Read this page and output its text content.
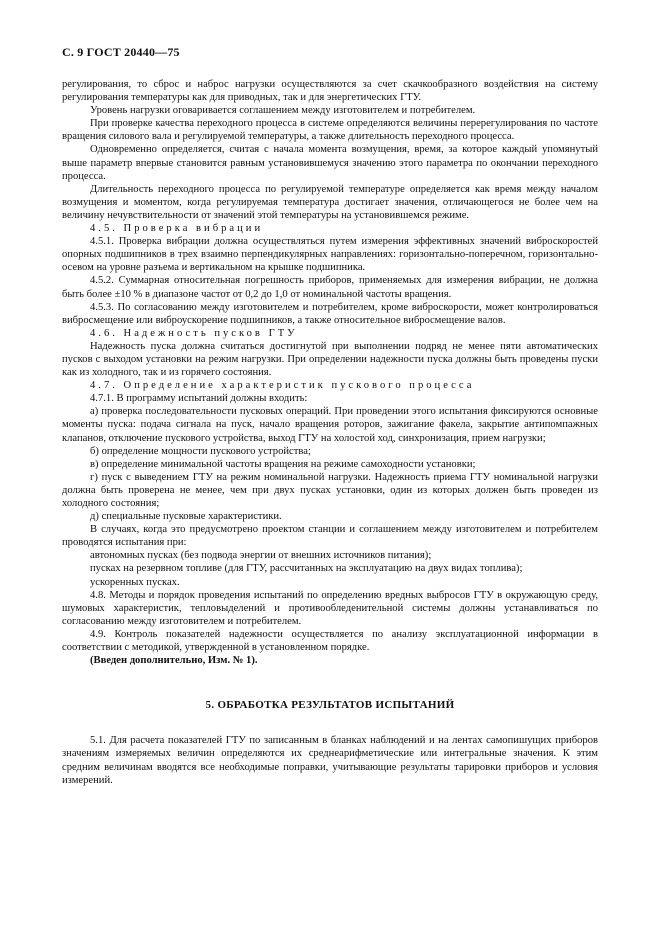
С. 9 ГОСТ 20440—75

регулирования, то сброс и наброс нагрузки осуществляются за счет скачкообразного воздействия на систему регулирования температуры как для приводных, так и для энергетических ГТУ.

Уровень нагрузки оговаривается соглашением между изготовителем и потребителем.

При проверке качества переходного процесса в системе определяются величины перерегулирования по частоте вращения силового вала и регулируемой температуры, а также длительность переходного процесса.

Одновременно определяется, считая с начала момента возмущения, время, за которое каждый упомянутый выше параметр впервые становится равным установившемуся значению этого параметра по окончании переходного процесса.

Длительность переходного процесса по регулируемой температуре определяется как время между началом возмущения и моментом, когда регулируемая температура достигает значения, отличающегося не более чем на величину нечувствительности от значений этой температуры на установившемся режиме.

4.5. Проверка вибрации

4.5.1. Проверка вибрации должна осуществляться путем измерения эффективных значений виброскоростей опорных подшипников в трех взаимно перпендикулярных направлениях: горизонтально-поперечном, горизонтально-осевом на уровне разъема и вертикальном на крышке подшипника.

4.5.2. Суммарная относительная погрешность приборов, применяемых для измерения вибрации, не должна быть более ±10 % в диапазоне частот от 0,2 до 1,0 от номинальной частоты вращения.

4.5.3. По согласованию между изготовителем и потребителем, кроме виброскорости, может контролироваться виброcмещение или виброускорение подшипников, а также относительное виброcмещение валов.

4.6. Надежность пусков ГТУ

Надежность пуска должна считаться достигнутой при выполнении подряд не менее пяти автоматических пусков с выходом установки на режим нагрузки. При определении надежности пуска должны быть проведены пуски как из холодного, так и из горячего состояния.

4.7. Определение характеристик пускового процесса

4.7.1. В программу испытаний должны входить:

а) проверка последовательности пусковых операций. При проведении этого испытания фиксируются основные моменты пуска: подача сигнала на пуск, начало вращения роторов, зажигание факела, закрытие антипомпажных клапанов, отключение пускового устройства, выход ГТУ на холостой ход, синхронизация, прием нагрузки;

б) определение мощности пускового устройства;

в) определение минимальной частоты вращения на режиме самоходности установки;

г) пуск с выведением ГТУ на режим номинальной нагрузки. Надежность приема ГТУ номинальной нагрузки должна быть проверена не менее, чем при двух пусках установки, один из которых должен быть проведен из холодного состояния;

д) специальные пусковые характеристики.

В случаях, когда это предусмотрено проектом станции и соглашением между изготовителем и потребителем проводятся испытания при:

автономных пусках (без подвода энергии от внешних источников питания);

пусках на резервном топливе (для ГТУ, рассчитанных на эксплуатацию на двух видах топлива);

ускоренных пусках.

4.8. Методы и порядок проведения испытаний по определению вредных выбросов ГТУ в окружающую среду, шумовых характеристик, тепловыделений и противообледенительной системы должны устанавливаться по согласованию между изготовителем и потребителем.

4.9. Контроль показателей надежности осуществляется по анализу эксплуатационной информации в соответствии с методикой, утвержденной в установленном порядке.

(Введен дополнительно, Изм. № 1).

5. ОБРАБОТКА РЕЗУЛЬТАТОВ ИСПЫТАНИЙ

5.1. Для расчета показателей ГТУ по записанным в бланках наблюдений и на лентах самопишущих приборов значениям измеряемых величин определяются их среднеарифметические или интегральные значения. К этим средним величинам вводятся все необходимые поправки, учитывающие результаты тарировки приборов и условия измерений.
